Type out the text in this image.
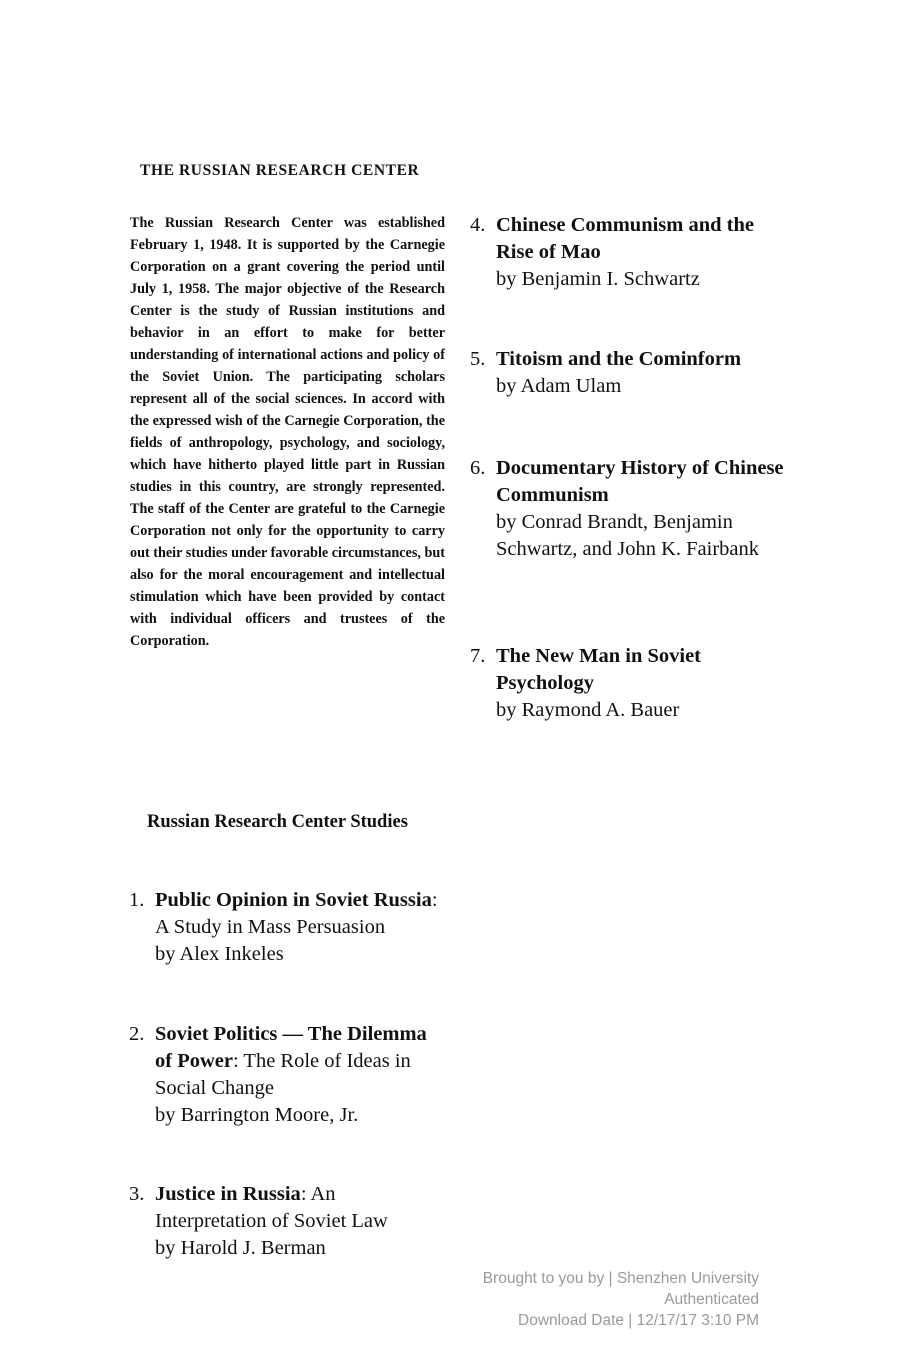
THE RUSSIAN RESEARCH CENTER
The Russian Research Center was established February 1, 1948. It is supported by the Carnegie Corporation on a grant covering the period until July 1, 1958. The major objective of the Research Center is the study of Russian institutions and behavior in an effort to make for better understanding of international actions and policy of the Soviet Union. The participating scholars represent all of the social sciences. In accord with the expressed wish of the Carnegie Corporation, the fields of anthropology, psychology, and sociology, which have hitherto played little part in Russian studies in this country, are strongly represented. The staff of the Center are grateful to the Carnegie Corporation not only for the opportunity to carry out their studies under favorable circumstances, but also for the moral encouragement and intellectual stimulation which have been provided by contact with individual officers and trustees of the Corporation.
Russian Research Center Studies
1. Public Opinion in Soviet Russia: A Study in Mass Persuasion
by Alex Inkeles
2. Soviet Politics — The Dilemma of Power: The Role of Ideas in Social Change
by Barrington Moore, Jr.
3. Justice in Russia: An Interpretation of Soviet Law
by Harold J. Berman
4. Chinese Communism and the Rise of Mao
by Benjamin I. Schwartz
5. Titoism and the Cominform
by Adam Ulam
6. Documentary History of Chinese Communism
by Conrad Brandt, Benjamin Schwartz, and John K. Fairbank
7. The New Man in Soviet Psychology
by Raymond A. Bauer
Brought to you by | Shenzhen University
Authenticated
Download Date | 12/17/17 3:10 PM
